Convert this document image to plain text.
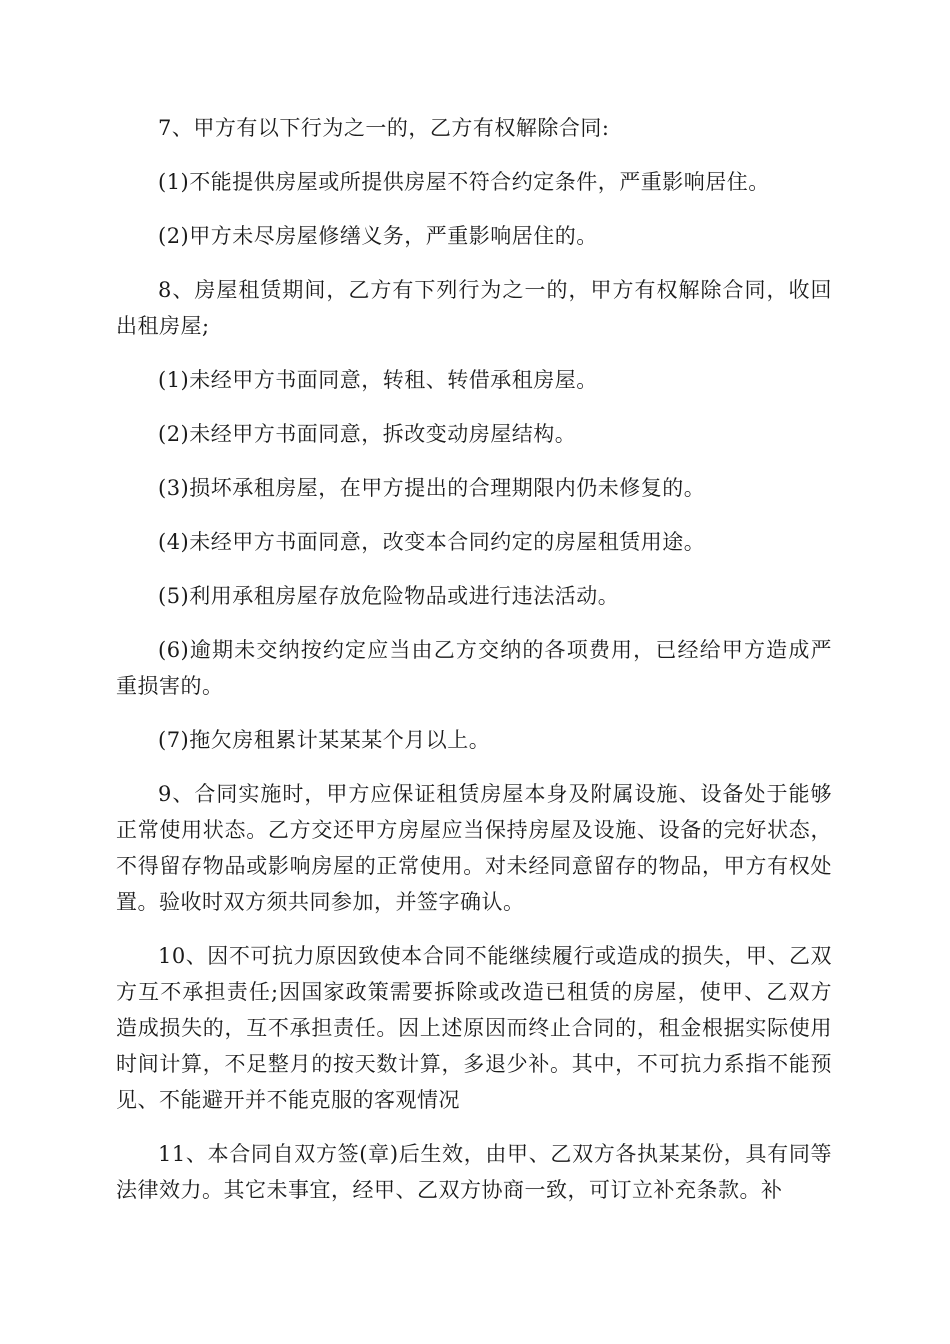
7、甲方有以下行为之一的，乙方有权解除合同:

(1)不能提供房屋或所提供房屋不符合约定条件，严重影响居住。

(2)甲方未尽房屋修缮义务，严重影响居住的。

8、房屋租赁期间，乙方有下列行为之一的，甲方有权解除合同，收回出租房屋;

(1)未经甲方书面同意，转租、转借承租房屋。

(2)未经甲方书面同意，拆改变动房屋结构。

(3)损坏承租房屋，在甲方提出的合理期限内仍未修复的。

(4)未经甲方书面同意，改变本合同约定的房屋租赁用途。

(5)利用承租房屋存放危险物品或进行违法活动。

(6)逾期未交纳按约定应当由乙方交纳的各项费用，已经给甲方造成严重损害的。

(7)拖欠房租累计某某某个月以上。

9、合同实施时，甲方应保证租赁房屋本身及附属设施、设备处于能够正常使用状态。乙方交还甲方房屋应当保持房屋及设施、设备的完好状态，不得留存物品或影响房屋的正常使用。对未经同意留存的物品，甲方有权处置。验收时双方须共同参加，并签字确认。

10、因不可抗力原因致使本合同不能继续履行或造成的损失，甲、乙双方互不承担责任;因国家政策需要拆除或改造已租赁的房屋，使甲、乙双方造成损失的，互不承担责任。因上述原因而终止合同的，租金根据实际使用时间计算，不足整月的按天数计算，多退少补。其中，不可抗力系指不能预见、不能避开并不能克服的客观情况

11、本合同自双方签(章)后生效，由甲、乙双方各执某某份，具有同等法律效力。其它未事宜，经甲、乙双方协商一致，可订立补充条款。补
